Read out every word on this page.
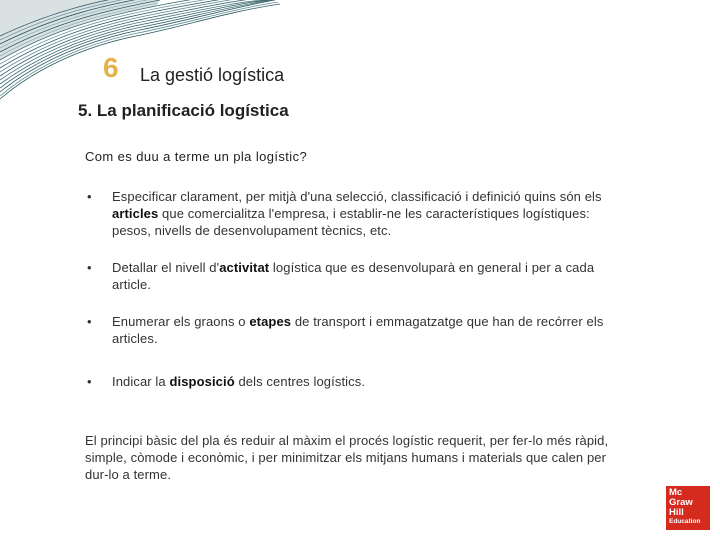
6 La gestió logística
5. La planificació logística
Com es duu a terme un pla logístic?
•	Especificar clarament, per mitjà d'una selecció, classificació i definició quins són els articles que comercialitza l'empresa, i establir-ne les característiques logístiques: pesos, nivells de desenvolupament tècnics, etc.
•	Detallar el nivell d'activitat logística que es desenvoluparà en general i per a cada article.
•	Enumerar els graons o etapes de transport i emmagatzatge que han de recórrer els articles.
•	Indicar la disposició dels centres logístics.
El principi bàsic del pla és reduir al màxim el procés logístic requerit, per fer-lo més ràpid, simple, còmode i econòmic, i per minimitzar els mitjans humans i materials que calen per dur-lo a terme.
Mc
Graw
Hill
Education
